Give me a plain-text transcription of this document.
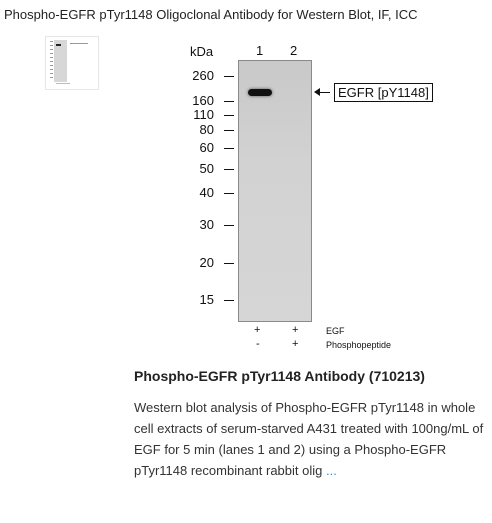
Phospho-EGFR pTyr1148 Oligoclonal Antibody for Western Blot, IF, ICC
kDa	1 2
260
160
110
80
60
50
40
30
20
15
EGFR [pY1148]
+	+	EGF
-	+	Phosphopeptide
Phospho-EGFR pTyr1148 Antibody (710213)
Western blot analysis of Phospho-EGFR pTyr1148 in whole cell extracts of serum-starved A431 treated with 100ng/mL of EGF for 5 min (lanes 1 and 2) using a Phospho-EGFR pTyr1148 recombinant rabbit olig ...
